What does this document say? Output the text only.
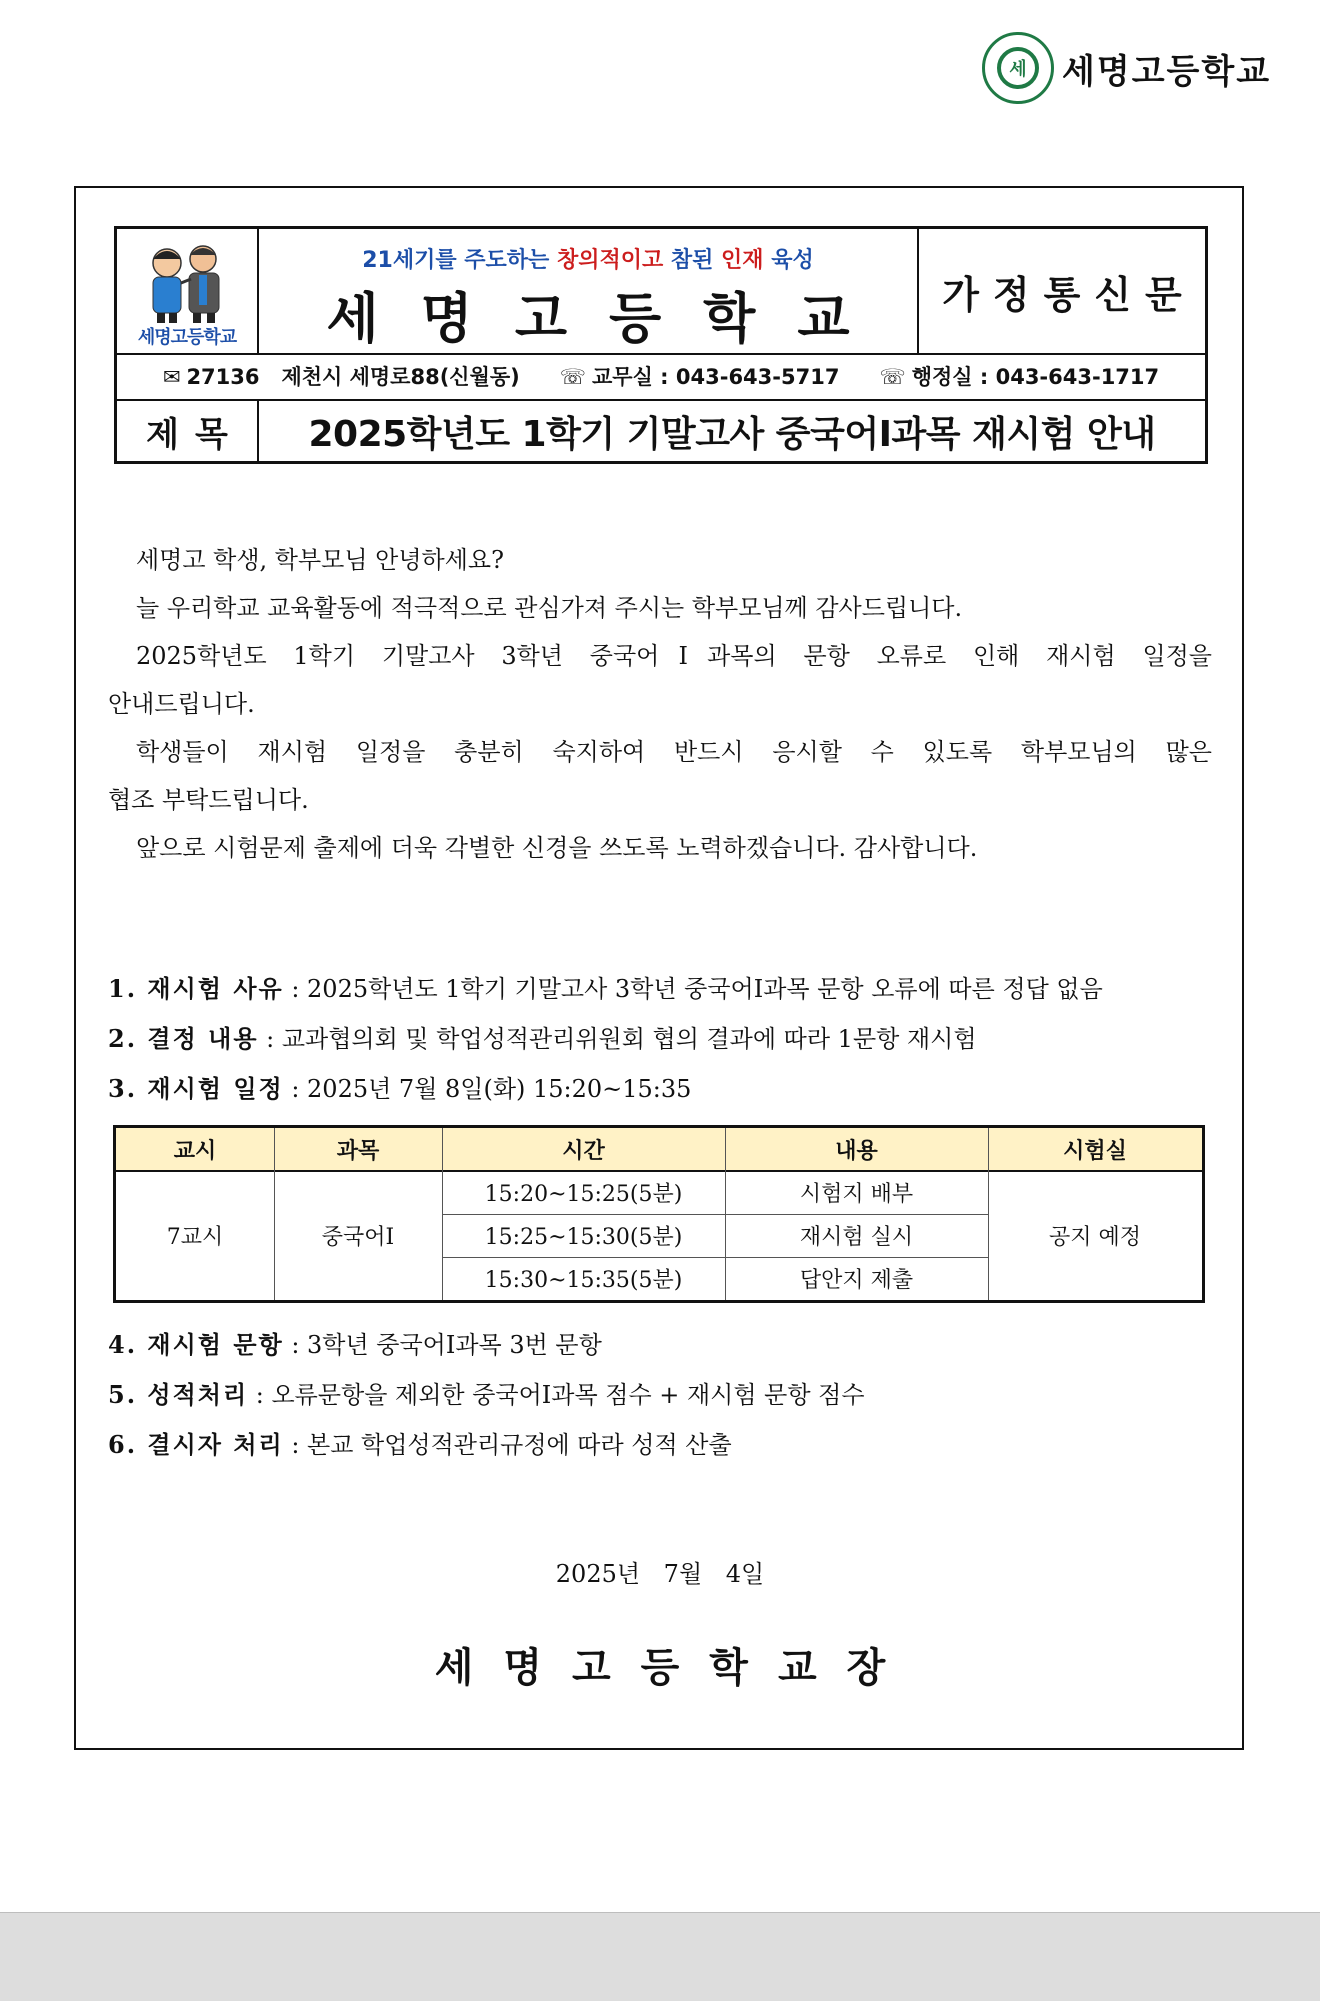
세	세명고등학교
세명고등학교
21세기를 주도하는 창의적이고 참된 인재 육성
세명고등학교	가정통신문
✉ 27136 제천시 세명로88(신월동) ☏ 교무실 : 043-643-5717 ☏ 행정실 : 043-643-1717
제목	2025학년도 1학기 기말고사 중국어Ⅰ과목 재시험 안내

세명고 학생, 학부모님 안녕하세요?

늘 우리학교 교육활동에 적극적으로 관심가져 주시는 학부모님께 감사드립니다.

2025학년도 1학기 기말고사 3학년 중국어Ⅰ과목의 문항 오류로 인해 재시험 일정을

안내드립니다.

학생들이 재시험 일정을 충분히 숙지하여 반드시 응시할 수 있도록 학부모님의 많은

협조 부탁드립니다.

앞으로 시험문제 출제에 더욱 각별한 신경을 쓰도록 노력하겠습니다. 감사합니다.

1. 재시험 사유 : 2025학년도 1학기 기말고사 3학년 중국어Ⅰ과목 문항 오류에 따른 정답 없음
2. 결정 내용 : 교과협의회 및 학업성적관리위원회 협의 결과에 따라 1문항 재시험
3. 재시험 일정 : 2025년 7월 8일(화) 15:20~15:35
교시	과목	시간	내용	시험실
7교시	중국어Ⅰ
15:20~15:25(5분)	시험지 배부
15:25~15:30(5분)	재시험 실시
15:30~15:35(5분)	답안지 제출
공지 예정
4. 재시험 문항 : 3학년 중국어Ⅰ과목 3번 문항
5. 성적처리 : 오류문항을 제외한 중국어Ⅰ과목 점수 + 재시험 문항 점수
6. 결시자 처리 : 본교 학업성적관리규정에 따라 성적 산출
2025년 7월 4일
세명고등학교장
